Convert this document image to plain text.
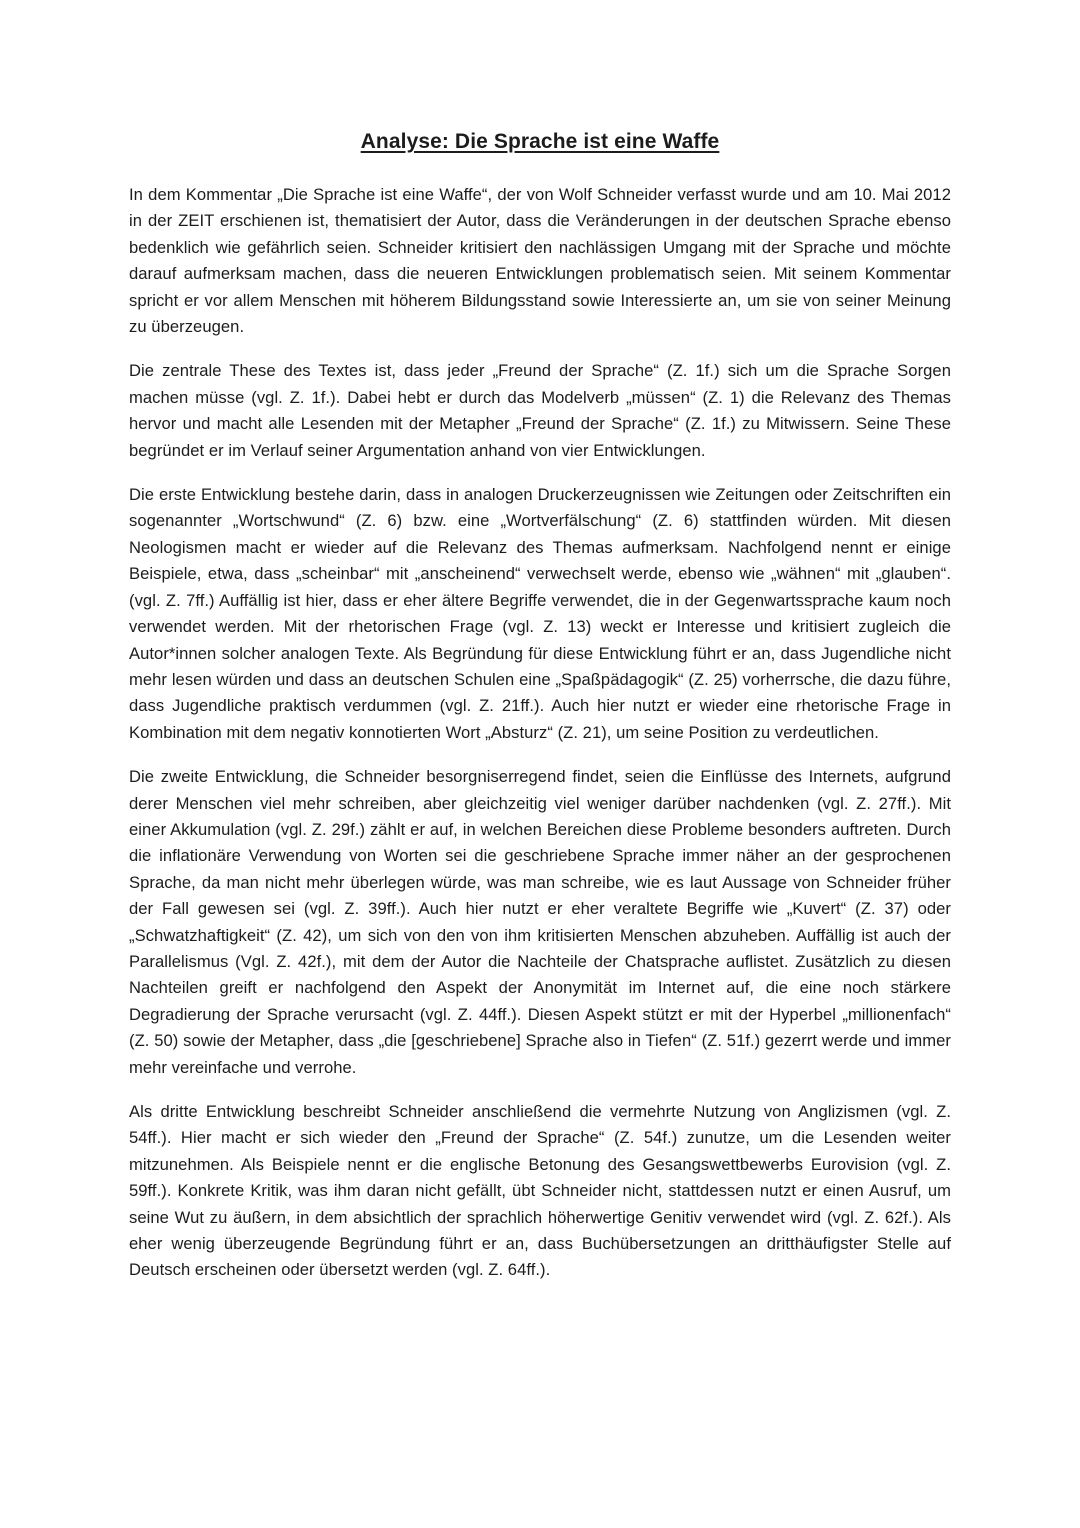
Analyse: Die Sprache ist eine Waffe

In dem Kommentar „Die Sprache ist eine Waffe“, der von Wolf Schneider verfasst wurde und am 10. Mai 2012 in der ZEIT erschienen ist, thematisiert der Autor, dass die Veränderungen in der deutschen Sprache ebenso bedenklich wie gefährlich seien. Schneider kritisiert den nachlässigen Umgang mit der Sprache und möchte darauf aufmerksam machen, dass die neueren Entwicklungen problematisch seien. Mit seinem Kommentar spricht er vor allem Menschen mit höherem Bildungsstand sowie Interessierte an, um sie von seiner Meinung zu überzeugen.

Die zentrale These des Textes ist, dass jeder „Freund der Sprache“ (Z. 1f.) sich um die Sprache Sorgen machen müsse (vgl. Z. 1f.). Dabei hebt er durch das Modelverb „müssen“ (Z. 1) die Relevanz des Themas hervor und macht alle Lesenden mit der Metapher „Freund der Sprache“ (Z. 1f.) zu Mitwissern. Seine These begründet er im Verlauf seiner Argumentation anhand von vier Entwicklungen.

Die erste Entwicklung bestehe darin, dass in analogen Druckerzeugnissen wie Zeitungen oder Zeitschriften ein sogenannter „Wortschwund“ (Z. 6) bzw. eine „Wortverfälschung“ (Z. 6) stattfinden würden. Mit diesen Neologismen macht er wieder auf die Relevanz des Themas aufmerksam. Nachfolgend nennt er einige Beispiele, etwa, dass „scheinbar“ mit „anscheinend“ verwechselt werde, ebenso wie „wähnen“ mit „glauben“. (vgl. Z. 7ff.) Auffällig ist hier, dass er eher ältere Begriffe verwendet, die in der Gegenwartssprache kaum noch verwendet werden. Mit der rhetorischen Frage (vgl. Z. 13) weckt er Interesse und kritisiert zugleich die Autor*innen solcher analogen Texte. Als Begründung für diese Entwicklung führt er an, dass Jugendliche nicht mehr lesen würden und dass an deutschen Schulen eine „Spaßpädagogik“ (Z. 25) vorherrsche, die dazu führe, dass Jugendliche praktisch verdummen (vgl. Z. 21ff.). Auch hier nutzt er wieder eine rhetorische Frage in Kombination mit dem negativ konnotierten Wort „Absturz“ (Z. 21), um seine Position zu verdeutlichen.

Die zweite Entwicklung, die Schneider besorgniserregend findet, seien die Einflüsse des Internets, aufgrund derer Menschen viel mehr schreiben, aber gleichzeitig viel weniger darüber nachdenken (vgl. Z. 27ff.). Mit einer Akkumulation (vgl. Z. 29f.) zählt er auf, in welchen Bereichen diese Probleme besonders auftreten. Durch die inflationäre Verwendung von Worten sei die geschriebene Sprache immer näher an der gesprochenen Sprache, da man nicht mehr überlegen würde, was man schreibe, wie es laut Aussage von Schneider früher der Fall gewesen sei (vgl. Z. 39ff.). Auch hier nutzt er eher veraltete Begriffe wie „Kuvert“ (Z. 37) oder „Schwatzhaftigkeit“ (Z. 42), um sich von den von ihm kritisierten Menschen abzuheben. Auffällig ist auch der Parallelismus (Vgl. Z. 42f.), mit dem der Autor die Nachteile der Chatsprache auflistet. Zusätzlich zu diesen Nachteilen greift er nachfolgend den Aspekt der Anonymität im Internet auf, die eine noch stärkere Degradierung der Sprache verursacht (vgl. Z. 44ff.). Diesen Aspekt stützt er mit der Hyperbel „millionenfach“ (Z. 50) sowie der Metapher, dass „die [geschriebene] Sprache also in Tiefen“ (Z. 51f.) gezerrt werde und immer mehr vereinfache und verrohe.

Als dritte Entwicklung beschreibt Schneider anschließend die vermehrte Nutzung von Anglizismen (vgl. Z. 54ff.). Hier macht er sich wieder den „Freund der Sprache“ (Z. 54f.) zunutze, um die Lesenden weiter mitzunehmen. Als Beispiele nennt er die englische Betonung des Gesangswettbewerbs Eurovision (vgl. Z. 59ff.). Konkrete Kritik, was ihm daran nicht gefällt, übt Schneider nicht, stattdessen nutzt er einen Ausruf, um seine Wut zu äußern, in dem absichtlich der sprachlich höherwertige Genitiv verwendet wird (vgl. Z. 62f.). Als eher wenig überzeugende Begründung führt er an, dass Buchübersetzungen an dritthäufigster Stelle auf Deutsch erscheinen oder übersetzt werden (vgl. Z. 64ff.).
